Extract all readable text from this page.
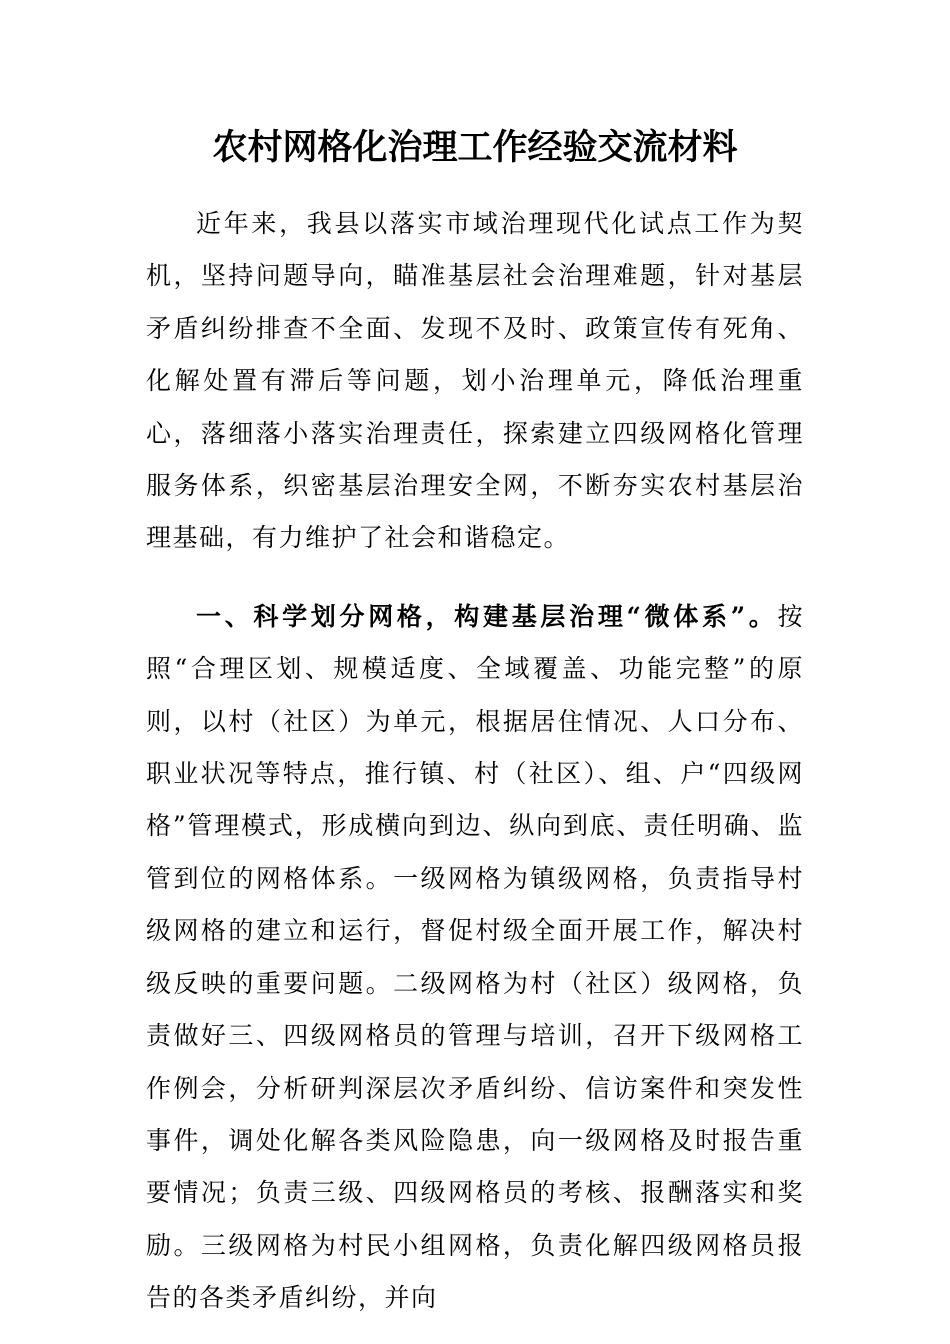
农村网格化治理工作经验交流材料

近年来，我县以落实市域治理现代化试点工作为契机，坚持问题导向，瞄准基层社会治理难题，针对基层矛盾纠纷排查不全面、发现不及时、政策宣传有死角、化解处置有滞后等问题，划小治理单元，降低治理重心，落细落小落实治理责任，探索建立四级网格化管理服务体系，织密基层治理安全网，不断夯实农村基层治理基础，有力维护了社会和谐稳定。

一、科学划分网格，构建基层治理“微体系”。按照“合理区划、规模适度、全域覆盖、功能完整”的原则，以村（社区）为单元，根据居住情况、人口分布、职业状况等特点，推行镇、村（社区）、组、户“四级网格”管理模式，形成横向到边、纵向到底、责任明确、监管到位的网格体系。一级网格为镇级网格，负责指导村级网格的建立和运行，督促村级全面开展工作，解决村级反映的重要问题。二级网格为村（社区）级网格，负责做好三、四级网格员的管理与培训，召开下级网格工作例会，分析研判深层次矛盾纠纷、信访案件和突发性事件，调处化解各类风险隐患，向一级网格及时报告重要情况；负责三级、四级网格员的考核、报酬落实和奖励。三级网格为村民小组网格，负责化解四级网格员报告的各类矛盾纠纷，并向
